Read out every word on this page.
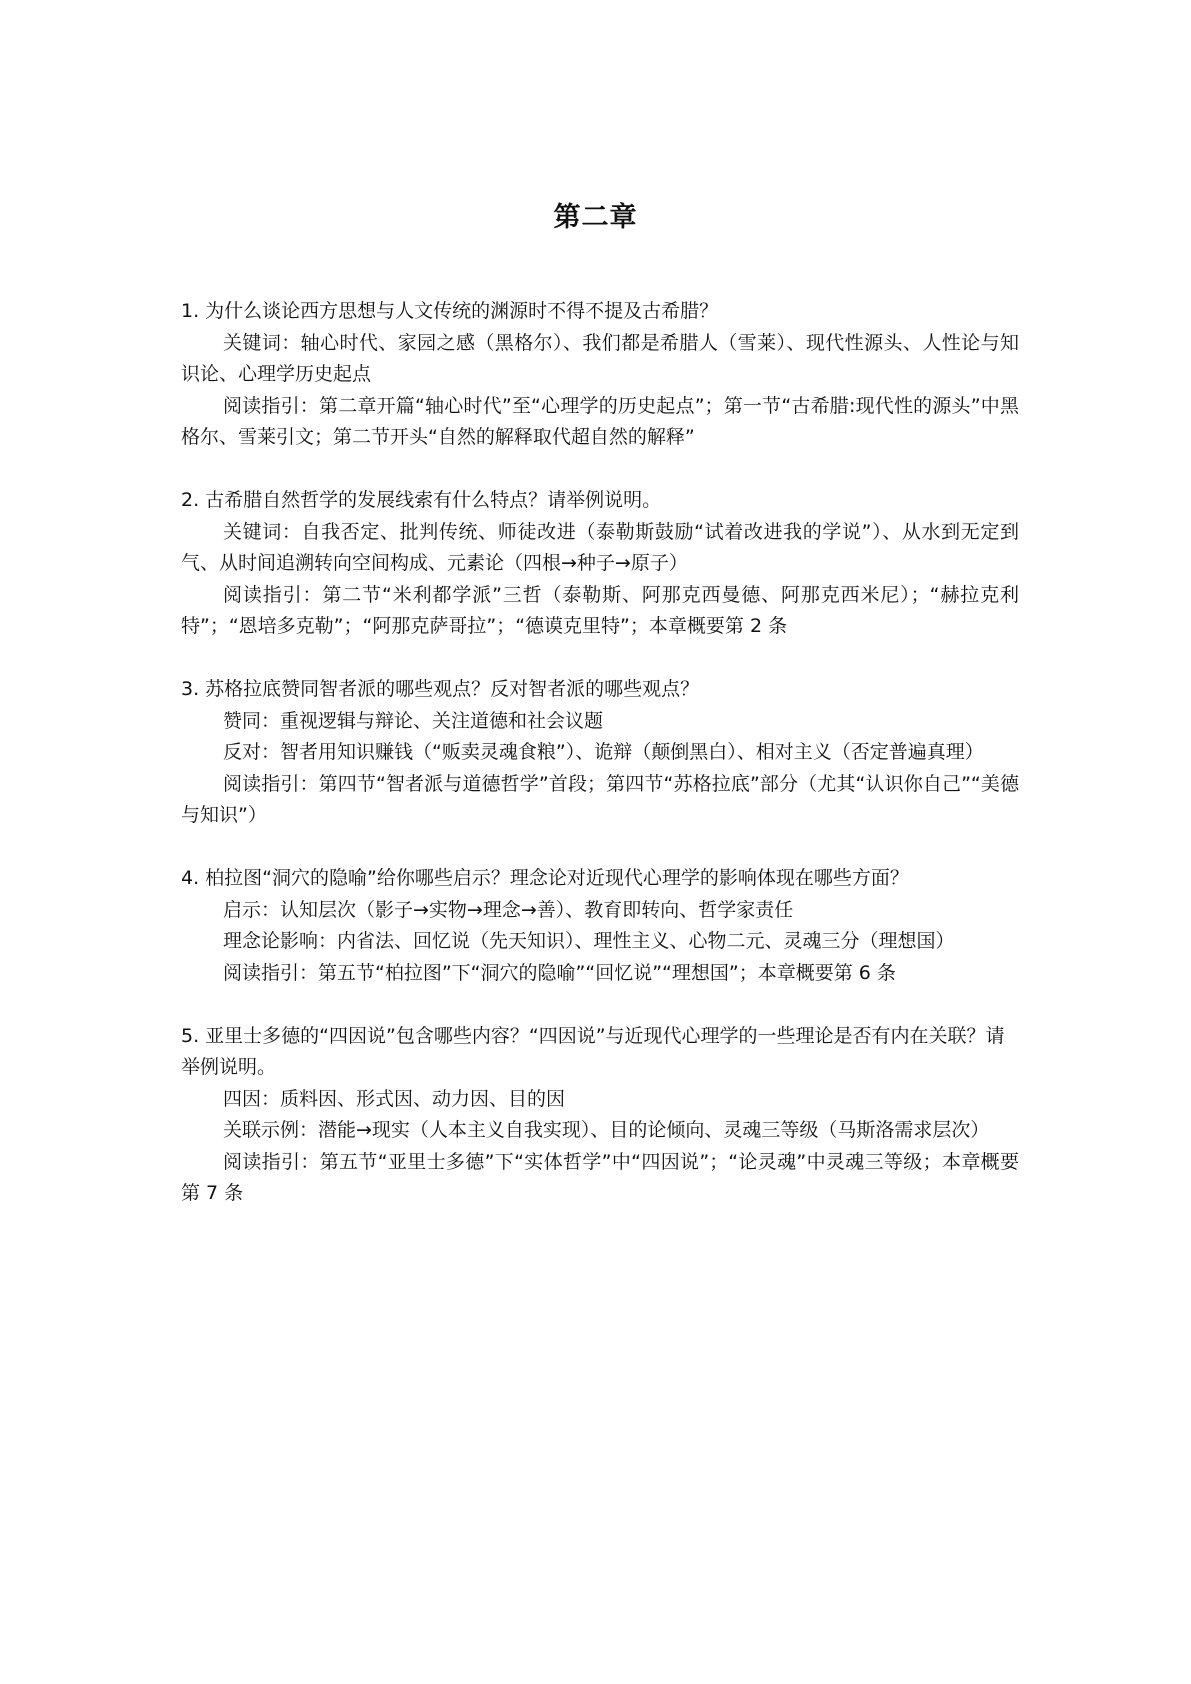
第二章

1. 为什么谈论西方思想与人文传统的渊源时不得不提及古希腊？

关键词：轴心时代、家园之感（黑格尔）、我们都是希腊人（雪莱）、现代性源头、人性论与知识论、心理学历史起点

阅读指引：第二章开篇“轴心时代”至“心理学的历史起点”；第一节“古希腊:现代性的源头”中黑格尔、雪莱引文；第二节开头“自然的解释取代超自然的解释”

2. 古希腊自然哲学的发展线索有什么特点？请举例说明。

关键词：自我否定、批判传统、师徒改进（泰勒斯鼓励“试着改进我的学说”）、从水到无定到气、从时间追溯转向空间构成、元素论（四根→种子→原子）

阅读指引：第二节“米利都学派”三哲（泰勒斯、阿那克西曼德、阿那克西米尼）；“赫拉克利特”；“恩培多克勒”；“阿那克萨哥拉”；“德谟克里特”；本章概要第 2 条

3. 苏格拉底赞同智者派的哪些观点？反对智者派的哪些观点？

赞同：重视逻辑与辩论、关注道德和社会议题

反对：智者用知识赚钱（“贩卖灵魂食粮”）、诡辩（颠倒黑白）、相对主义（否定普遍真理）

阅读指引：第四节“智者派与道德哲学”首段；第四节“苏格拉底”部分（尤其“认识你自己”“美德与知识”）

4. 柏拉图“洞穴的隐喻”给你哪些启示？理念论对近现代心理学的影响体现在哪些方面？

启示：认知层次（影子→实物→理念→善）、教育即转向、哲学家责任

理念论影响：内省法、回忆说（先天知识）、理性主义、心物二元、灵魂三分（理想国）

阅读指引：第五节“柏拉图”下“洞穴的隐喻”“回忆说”“理想国”；本章概要第 6 条

5. 亚里士多德的“四因说”包含哪些内容？“四因说”与近现代心理学的一些理论是否有内在关联？请举例说明。

四因：质料因、形式因、动力因、目的因

关联示例：潜能→现实（人本主义自我实现）、目的论倾向、灵魂三等级（马斯洛需求层次）

阅读指引：第五节“亚里士多德”下“实体哲学”中“四因说”；“论灵魂”中灵魂三等级；本章概要第 7 条
